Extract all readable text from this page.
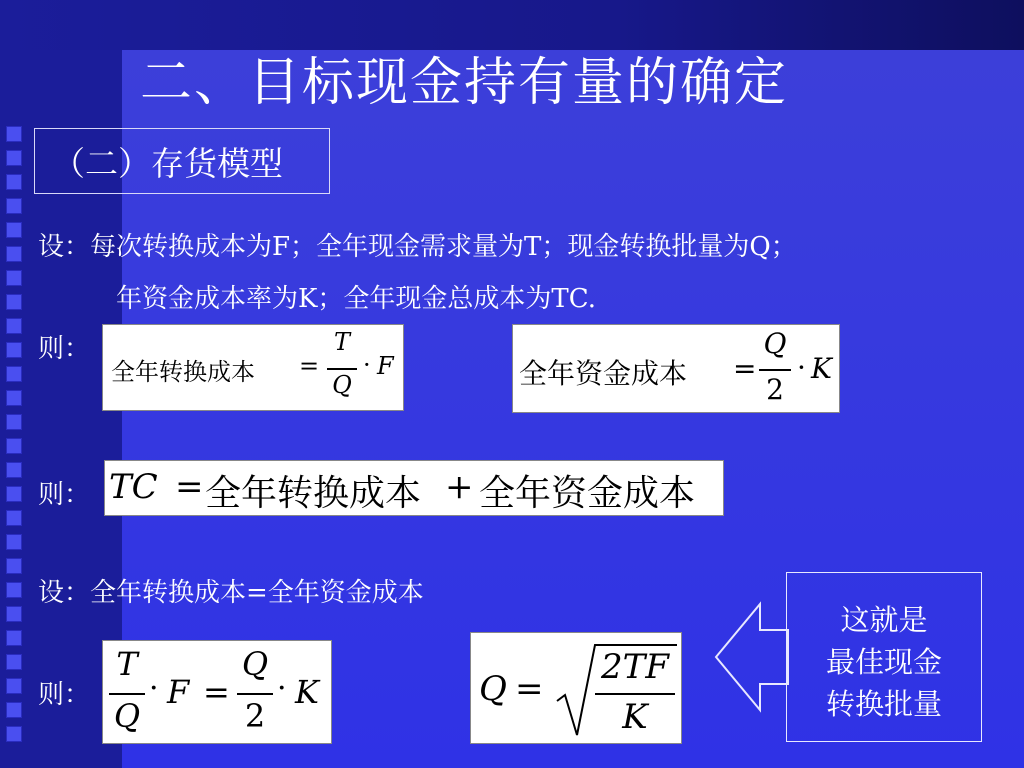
二、目标现金持有量的确定
（二）存货模型
设：每次转换成本为F；全年现金需求量为T；现金转换批量为Q；
年资金成本率为K；全年现金总成本为TC.
则：
全年转换成本 =
T
Q
· F	全年资金成本 =
Q
2
· K
则： TC = 全年转换成本 + 全年资金成本
设：全年转换成本=全年资金成本
则：
T
Q
· F =
Q
2
· K	Q =
2TF
K
这就是
最佳现金
转换批量
